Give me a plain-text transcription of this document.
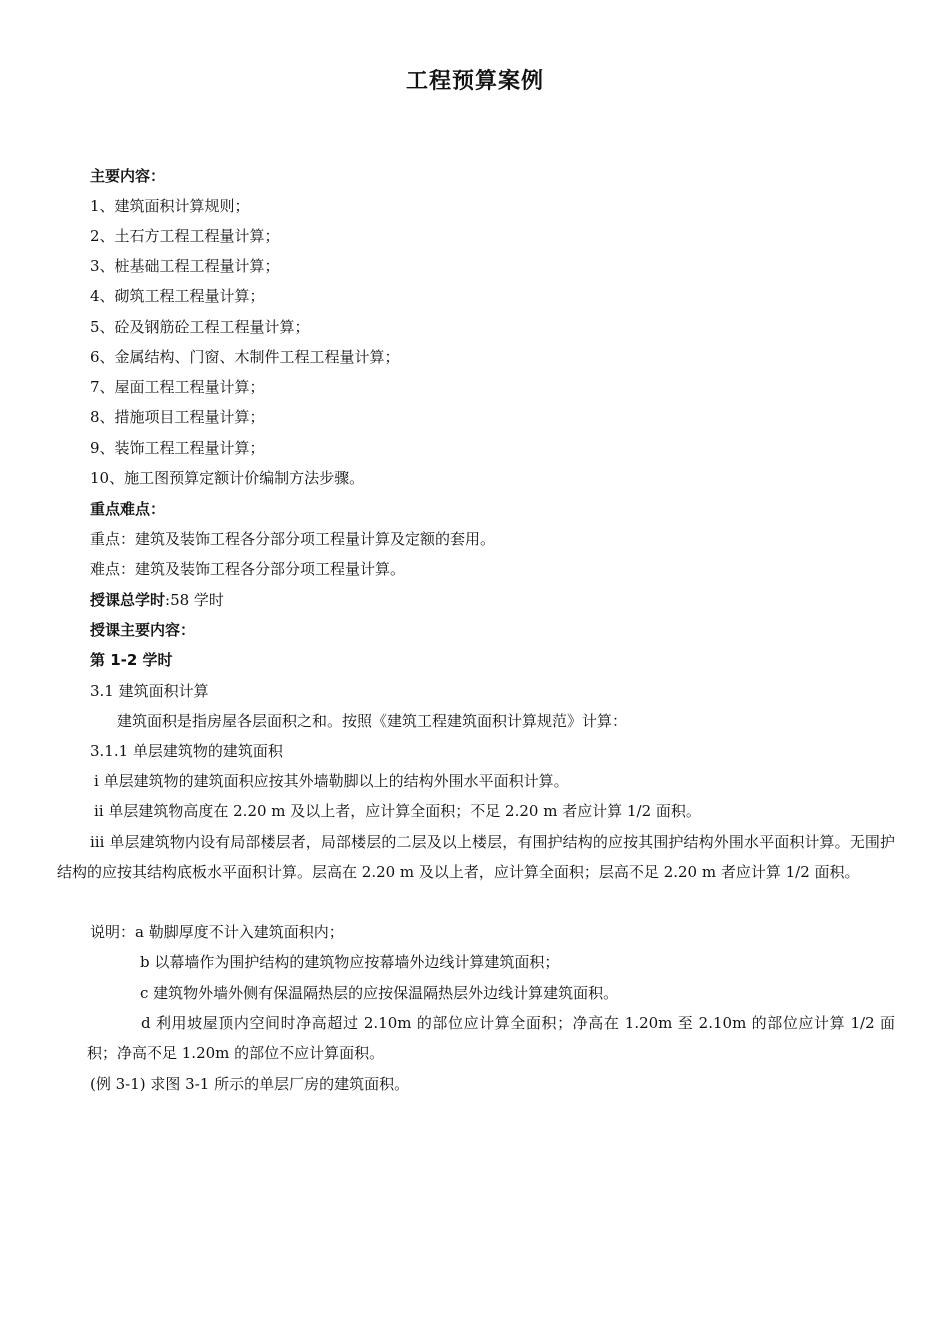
工程预算案例
主要内容：
1、建筑面积计算规则；
2、土石方工程工程量计算；
3、桩基础工程工程量计算；
4、砌筑工程工程量计算；
5、砼及钢筋砼工程工程量计算；
6、金属结构、门窗、木制件工程工程量计算；
7、屋面工程工程量计算；
8、措施项目工程量计算；
9、装饰工程工程量计算；
10、施工图预算定额计价编制方法步骤。
重点难点：
重点：建筑及装饰工程各分部分项工程量计算及定额的套用。
难点：建筑及装饰工程各分部分项工程量计算。
授课总学时:58 学时
授课主要内容：
第 1-2 学时
3.1 建筑面积计算
建筑面积是指房屋各层面积之和。按照《建筑工程建筑面积计算规范》计算：
3.1.1 单层建筑物的建筑面积
ⅰ 单层建筑物的建筑面积应按其外墙勒脚以上的结构外围水平面积计算。
ⅱ 单层建筑物高度在 2.20 m 及以上者，应计算全面积；不足 2.20 m 者应计算 1/2 面积。
ⅲ 单层建筑物内设有局部楼层者，局部楼层的二层及以上楼层，有围护结构的应按其围护结构外围水平面积计算。无围护结构的应按其结构底板水平面积计算。层高在 2.20 m 及以上者，应计算全面积；层高不足 2.20 m 者应计算 1/2 面积。
说明：a 勒脚厚度不计入建筑面积内；
b 以幕墙作为围护结构的建筑物应按幕墙外边线计算建筑面积；
c 建筑物外墙外侧有保温隔热层的应按保温隔热层外边线计算建筑面积。
d 利用坡屋顶内空间时净高超过 2.10m 的部位应计算全面积；净高在 1.20m 至 2.10m 的部位应计算 1/2 面积；净高不足 1.20m 的部位不应计算面积。
(例 3-1) 求图 3-1 所示的单层厂房的建筑面积。
